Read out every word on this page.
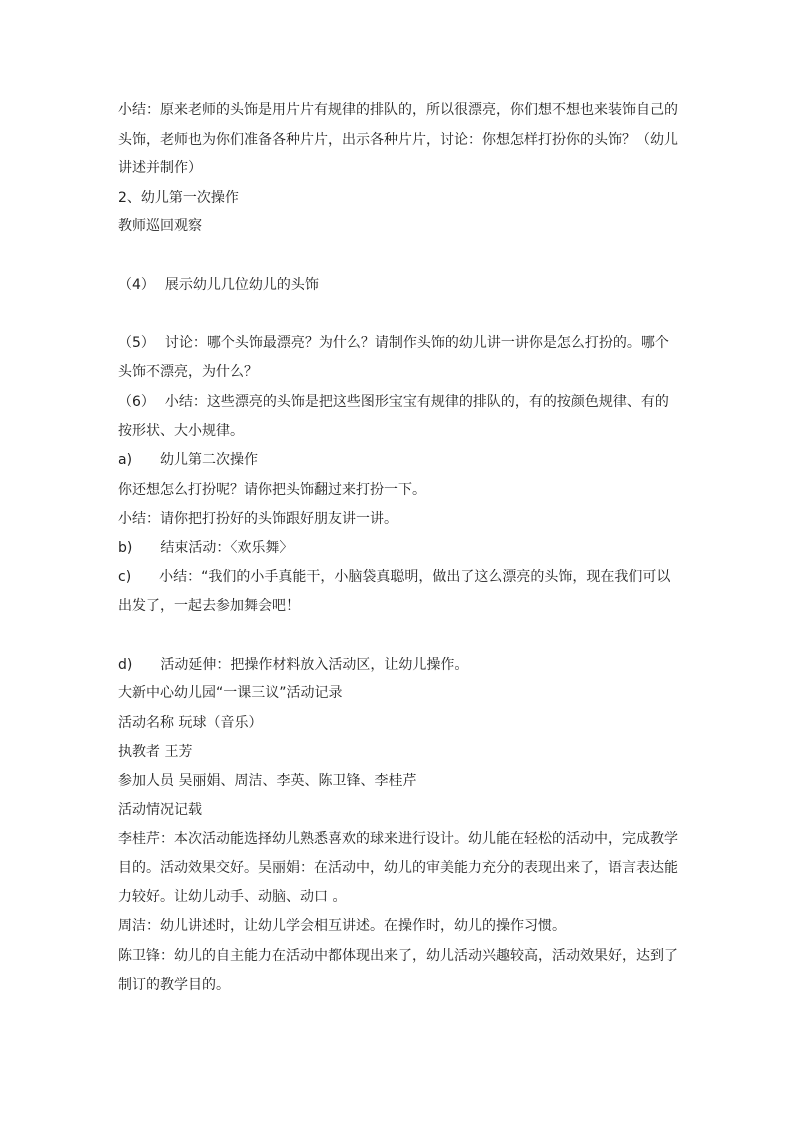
小结：原来老师的头饰是用片片有规律的排队的，所以很漂亮，你们想不想也来装饰自己的
头饰，老师也为你们准备各种片片，出示各种片片，讨论：你想怎样打扮你的头饰？（幼儿
讲述并制作）
2、幼儿第一次操作
教师巡回观察
（4） 展示幼儿几位幼儿的头饰
（5） 讨论：哪个头饰最漂亮？为什么？请制作头饰的幼儿讲一讲你是怎么打扮的。哪个
头饰不漂亮，为什么？
（6） 小结：这些漂亮的头饰是把这些图形宝宝有规律的排队的，有的按颜色规律、有的
按形状、大小规律。
a) 幼儿第二次操作
你还想怎么打扮呢？请你把头饰翻过来打扮一下。
小结：请你把打扮好的头饰跟好朋友讲一讲。
b) 结束活动：〈欢乐舞〉
c) 小结：“我们的小手真能干，小脑袋真聪明，做出了这么漂亮的头饰，现在我们可以
出发了，一起去参加舞会吧！
d) 活动延伸：把操作材料放入活动区，让幼儿操作。
大新中心幼儿园“一课三议”活动记录
活动名称 玩球（音乐）
执教者 王芳
参加人员 吴丽娟、周洁、李英、陈卫锋、李桂芹
活动情况记载
李桂芹：本次活动能选择幼儿熟悉喜欢的球来进行设计。幼儿能在轻松的活动中，完成教学
目的。活动效果交好。吴丽娟：在活动中，幼儿的审美能力充分的表现出来了，语言表达能
力较好。让幼儿动手、动脑、动口 。
周洁：幼儿讲述时，让幼儿学会相互讲述。在操作时，幼儿的操作习惯。
陈卫锋：幼儿的自主能力在活动中都体现出来了，幼儿活动兴趣较高，活动效果好，达到了
制订的教学目的。
